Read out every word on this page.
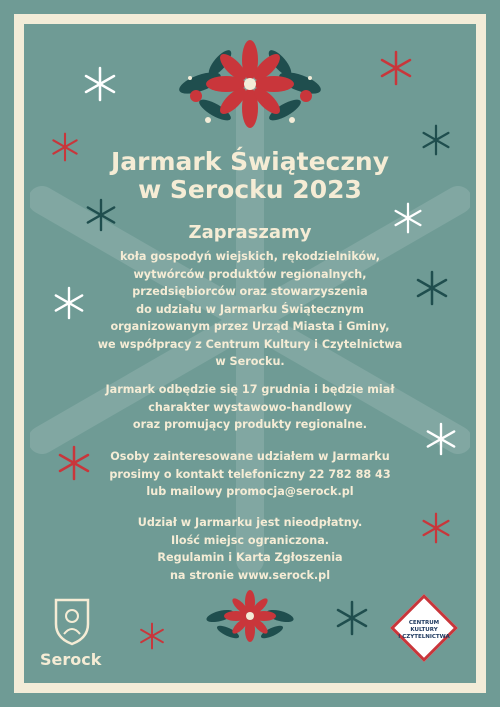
Jarmark Świąteczny
w Serocku 2023
Zapraszamy
koła gospodyń wiejskich, rękodzielników,
wytwórców produktów regionalnych,
przedsiębiorców oraz stowarzyszenia
do udziału w Jarmarku Świątecznym
organizowanym przez Urząd Miasta i Gminy,
we współpracy z Centrum Kultury i Czytelnictwa
w Serocku.
Jarmark odbędzie się 17 grudnia i będzie miał
charakter wystawowo-handlowy
oraz promujący produkty regionalne.
Osoby zainteresowane udziałem w Jarmarku
prosimy o kontakt telefoniczny 22 782 88 43
lub mailowy promocja@serock.pl
Udział w Jarmarku jest nieodpłatny.
Ilość miejsc ograniczona.
Regulamin i Karta Zgłoszenia
na stronie www.serock.pl
Serock
CENTRUM
KULTURY
I CZYTELNICTWA
